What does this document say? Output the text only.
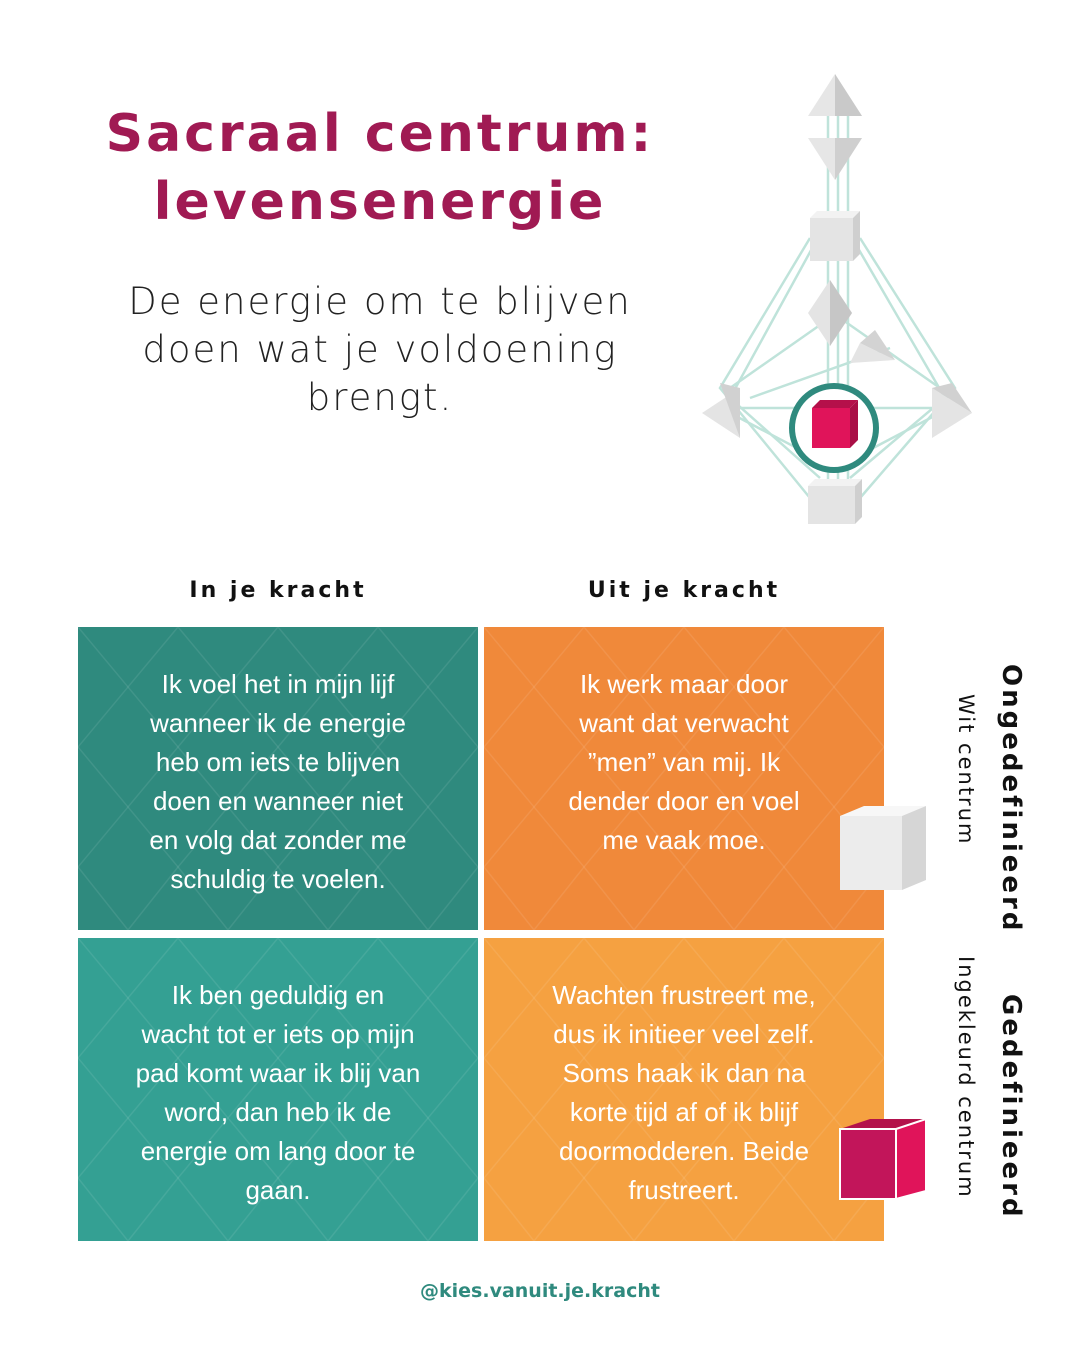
Sacraal centrum:
levensenergie
De energie om te blijven
doen wat je voldoening
brengt.
In je kracht	Uit je kracht
Ik voel het in mijn lijf
wanneer ik de energie
heb om iets te blijven
doen en wanneer niet
en volg dat zonder me
schuldig te voelen.
Ik werk maar door
want dat verwacht
”men” van mij. Ik
dender door en voel
me vaak moe.
Ik ben geduldig en
wacht tot er iets op mijn
pad komt waar ik blij van
word, dan heb ik de
energie om lang door te
gaan.
Wachten frustreert me,
dus ik initieer veel zelf.
Soms haak ik dan na
korte tijd af of ik blijf
doormodderen. Beide
frustreert.
Ongedefinieerd
Wit centrum
Gedefinieerd
Ingekleurd centrum
@kies.vanuit.je.kracht
